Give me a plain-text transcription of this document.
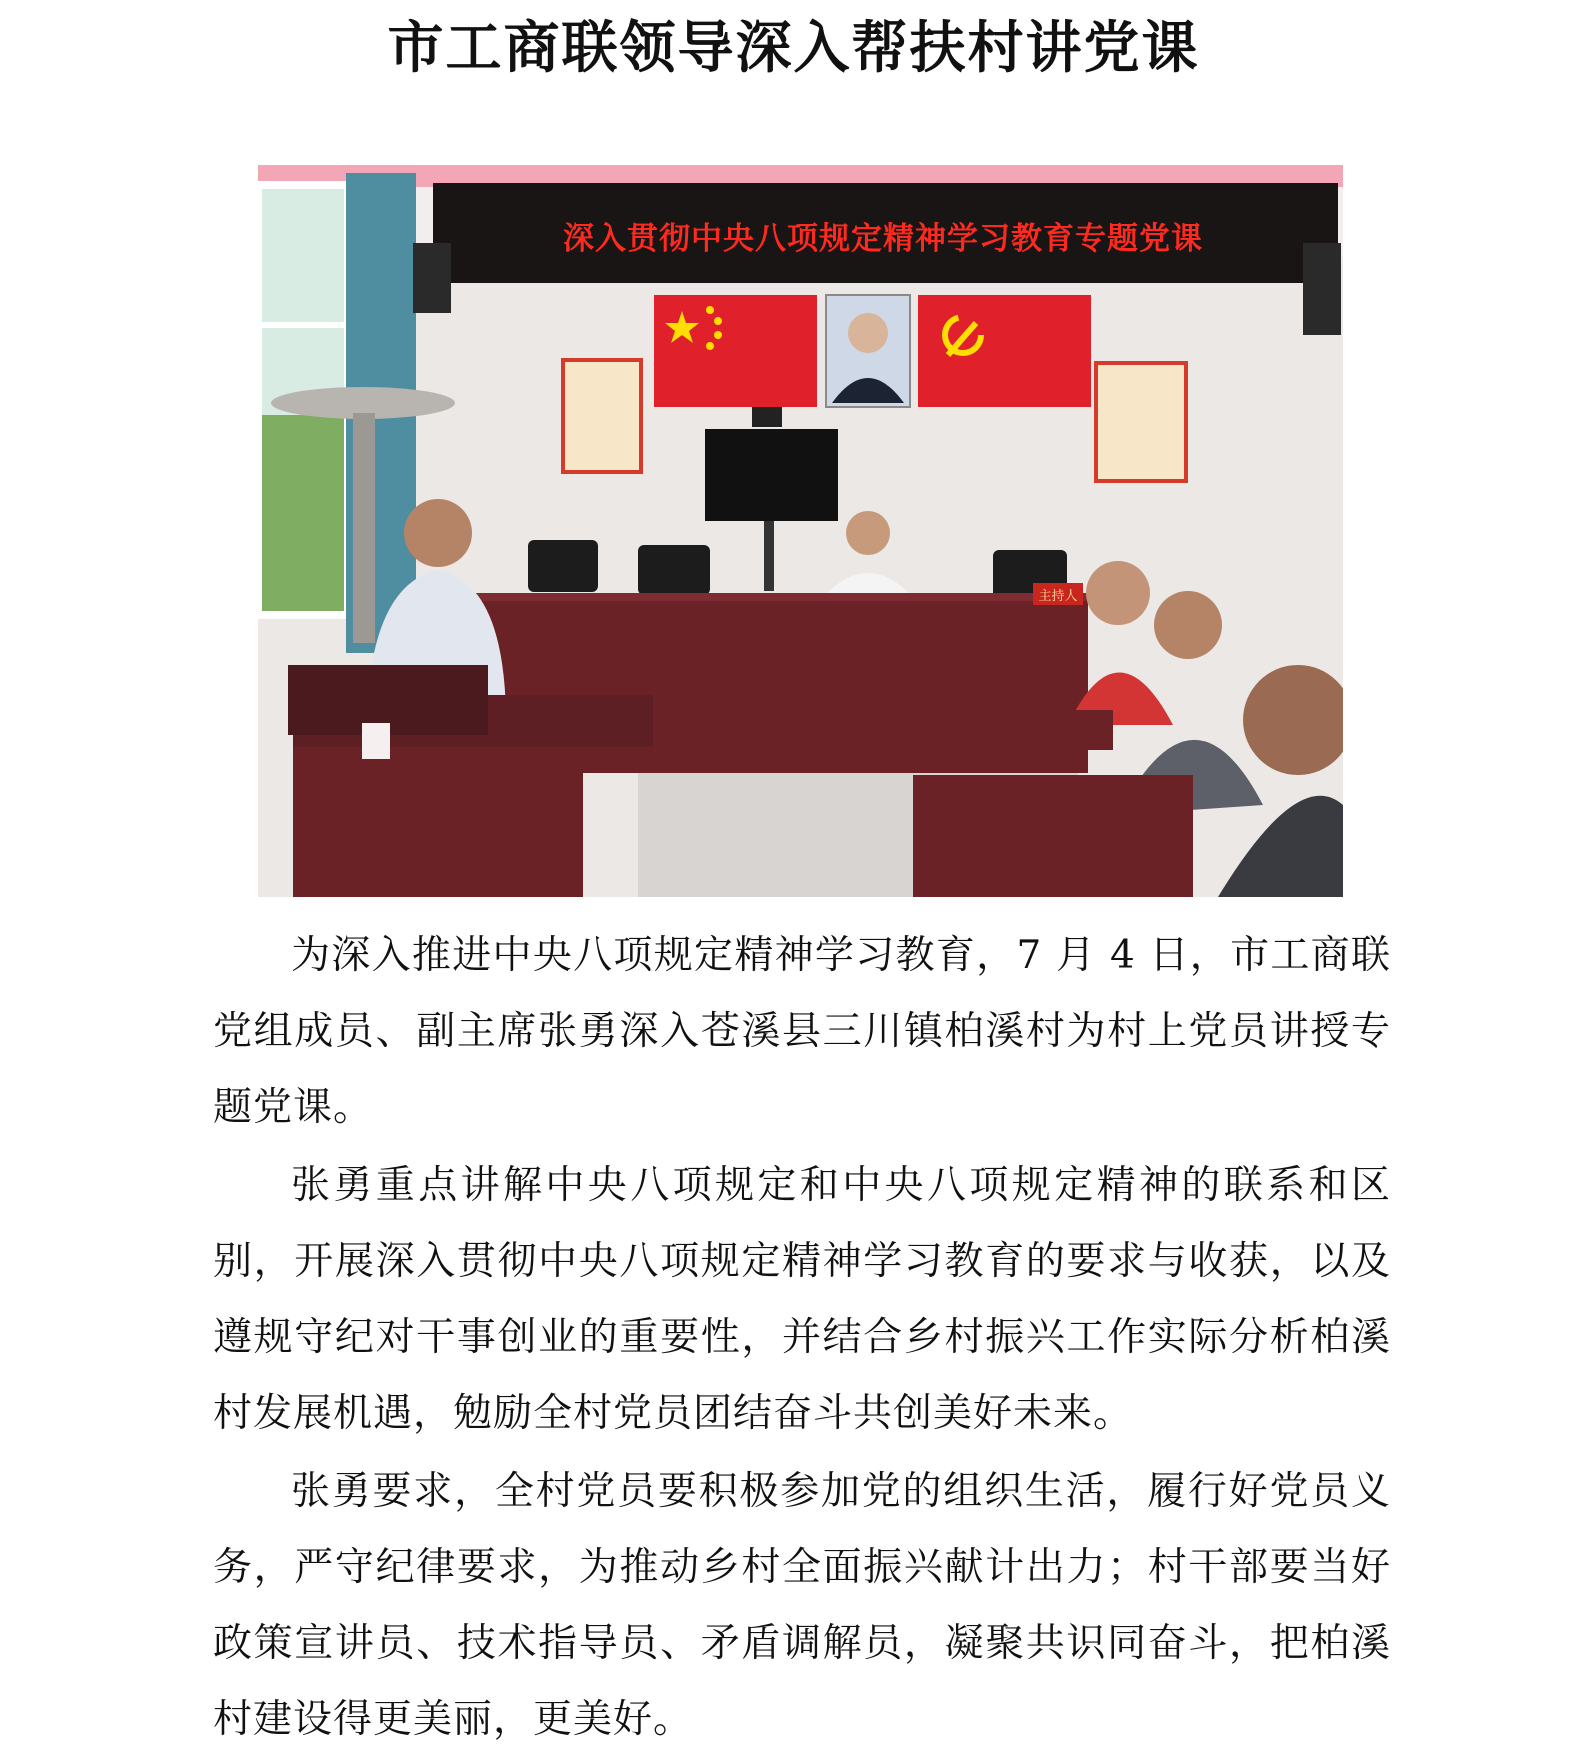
市工商联领导深入帮扶村讲党课
深入贯彻中央八项规定精神学习教育专题党课
主持人

为深入推进中央八项规定精神学习教育，7 月 4 日，市工商联党组成员、副主席张勇深入苍溪县三川镇柏溪村为村上党员讲授专题党课。

张勇重点讲解中央八项规定和中央八项规定精神的联系和区别，开展深入贯彻中央八项规定精神学习教育的要求与收获，以及遵规守纪对干事创业的重要性，并结合乡村振兴工作实际分析柏溪村发展机遇，勉励全村党员团结奋斗共创美好未来。

张勇要求，全村党员要积极参加党的组织生活，履行好党员义务，严守纪律要求，为推动乡村全面振兴献计出力；村干部要当好政策宣讲员、技术指导员、矛盾调解员，凝聚共识同奋斗，把柏溪村建设得更美丽，更美好。
